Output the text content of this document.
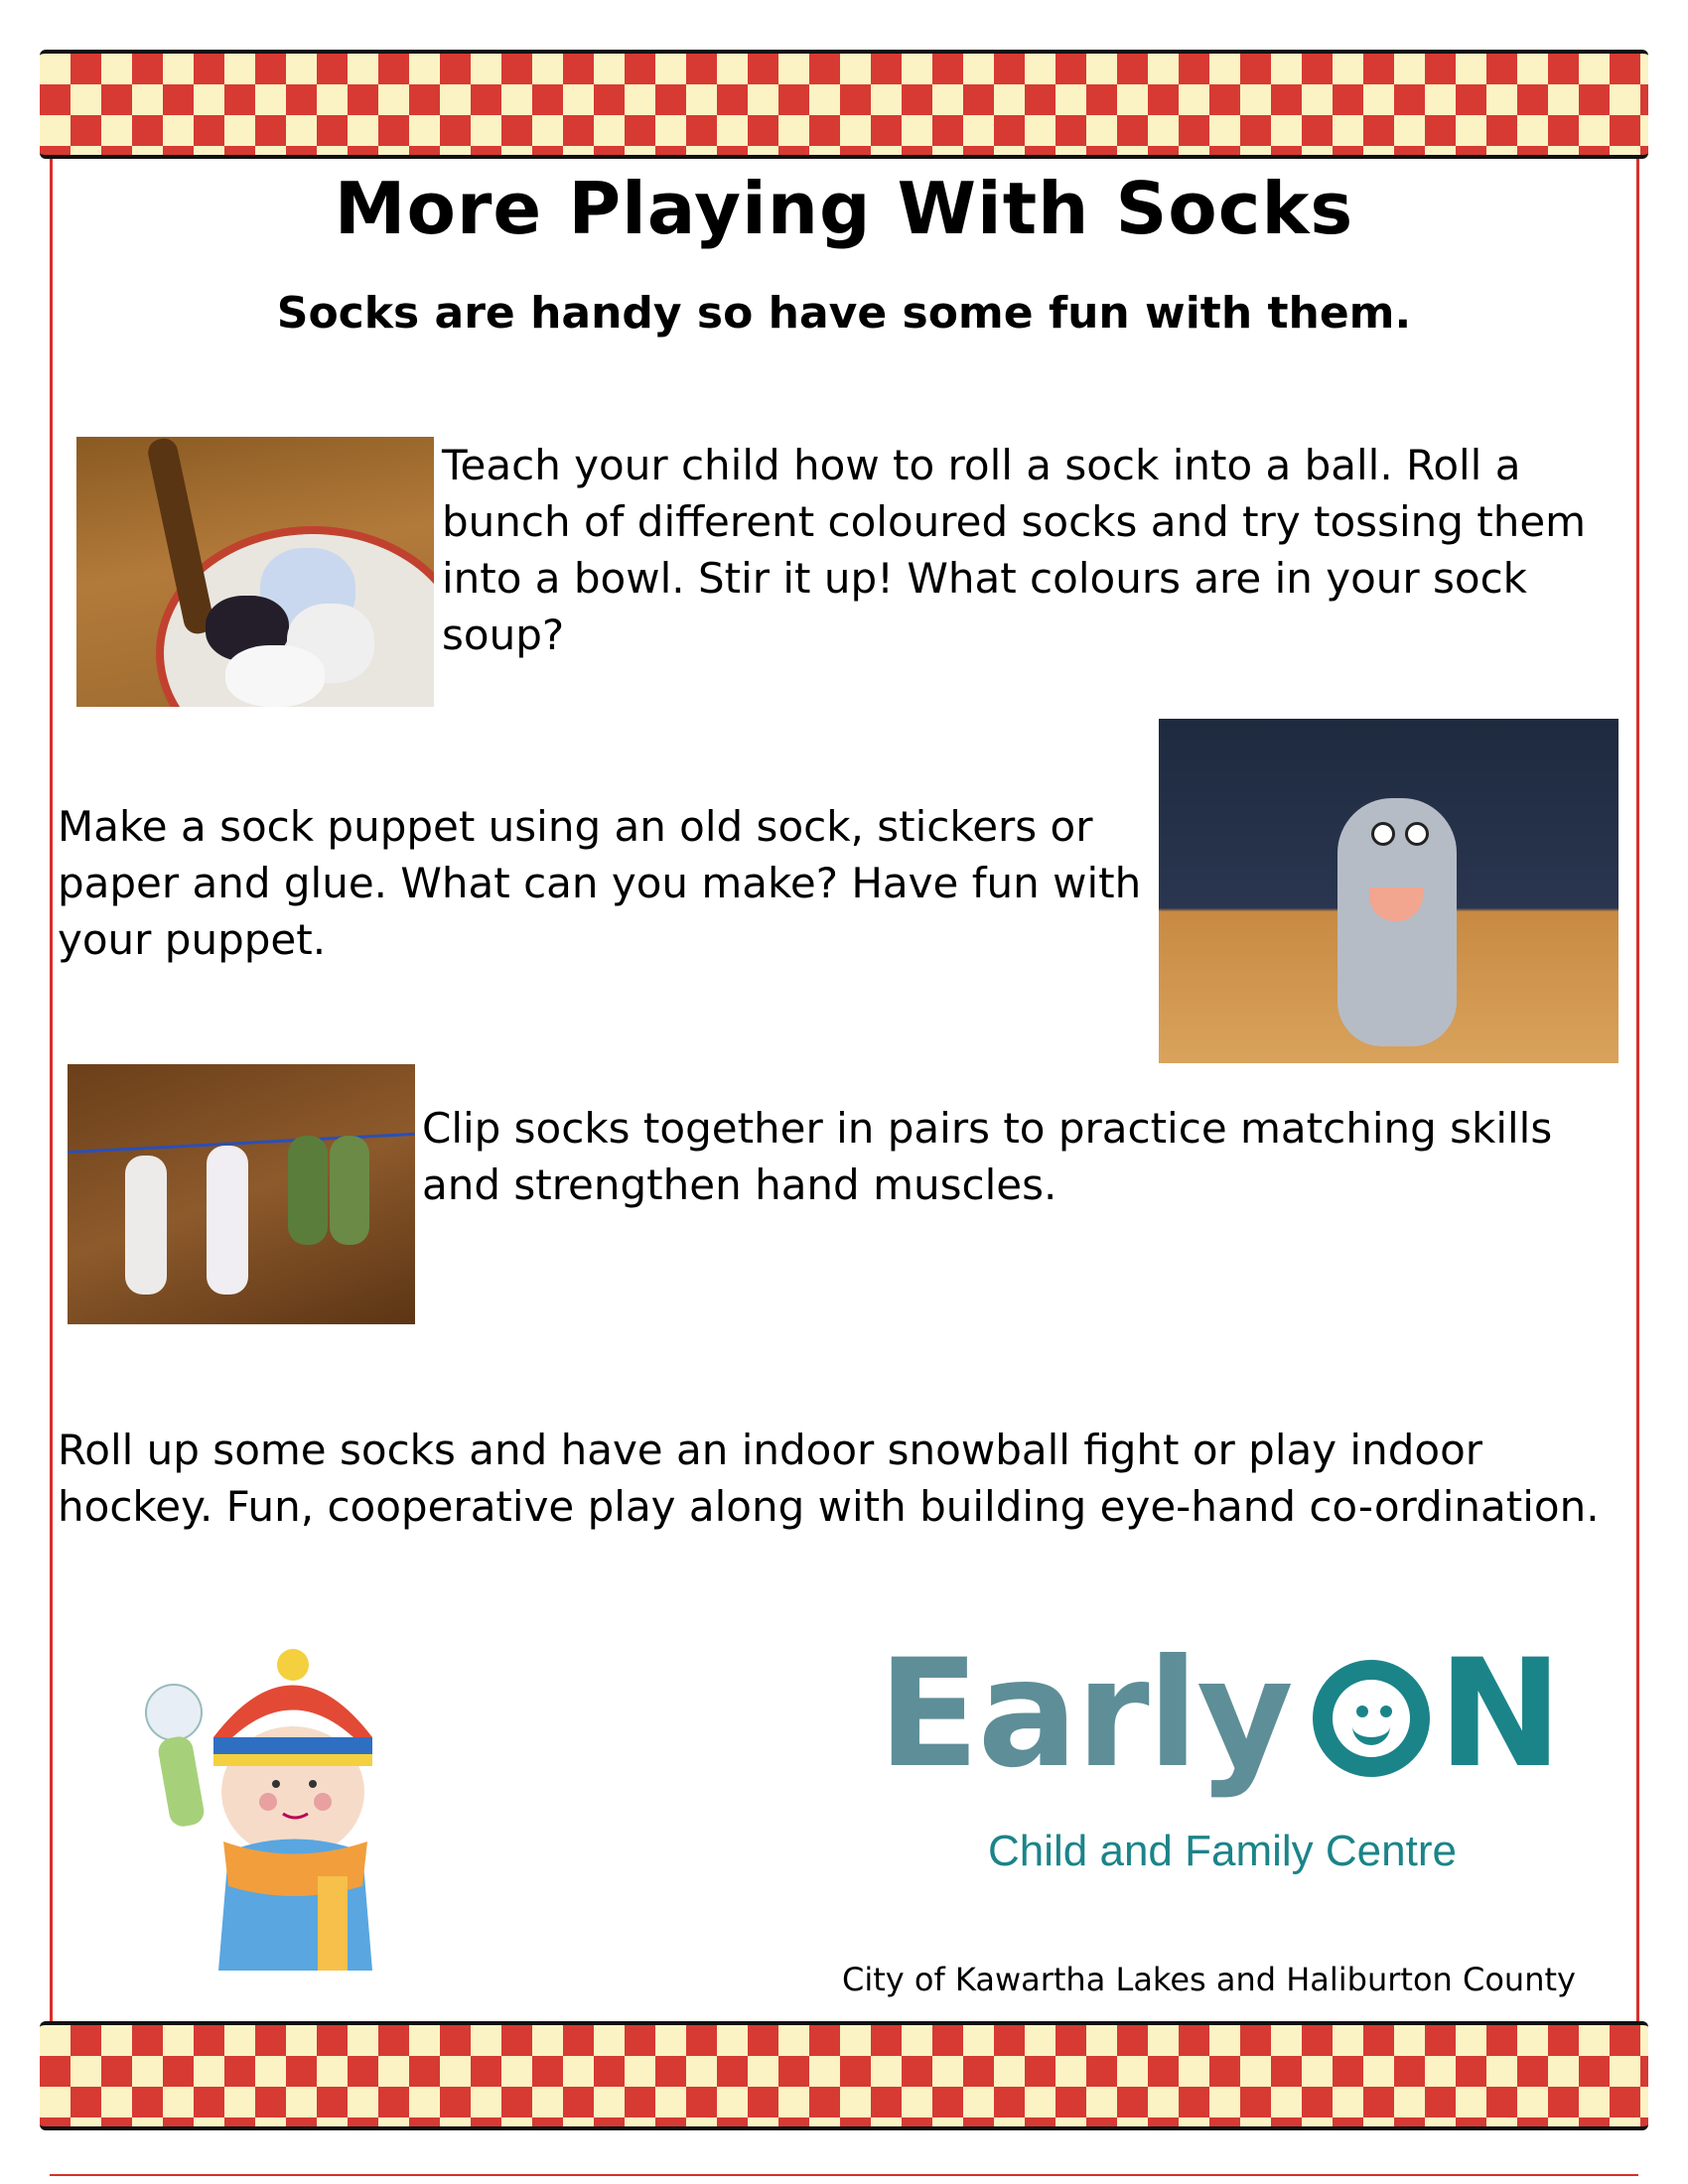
More Playing With Socks
Socks are handy so have some fun with them.
Teach your child how to roll a sock into a ball. Roll a bunch of different coloured socks and try tossing them into a bowl. Stir it up! What colours are in your sock soup?
Make a sock puppet using an old sock, stickers or paper and glue. What can you make? Have fun with your puppet.
Clip socks together in pairs to practice matching skills and strengthen hand muscles.
Roll up some socks and have an indoor snowball fight or play indoor hockey. Fun, cooperative play along with building eye-hand co-ordination.
Early N
Child and Family Centre
City of Kawartha Lakes and Haliburton County
